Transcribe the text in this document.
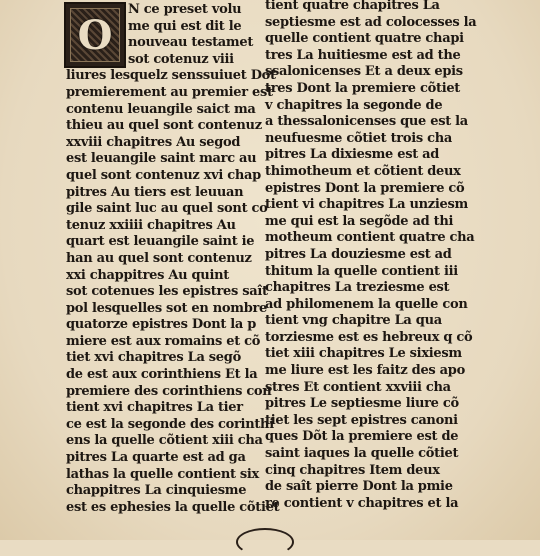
O
N ce preset volu
me qui est dit le
nouveau testamet
sot cotenuz viii
liures lesquelz senssuiuet Dot
premierement au premier est
contenu leuangile saict ma
thieu au quel sont contenuz
xxviii chapitres Au segod
est leuangile saint marc au
quel sont contenuz xvi chap
pitres Au tiers est leuuan
gile saint luc au quel sont co
tenuz xxiiii chapitres Au
quart est leuangile saint ie
han au quel sont contenuz
xxi chappitres Au quint
sot cotenues les epistres saît
pol lesquelles sot en nombre
quatorze epistres Dont la p
miere est aux romains et cõ
tiet xvi chapitres La segõ
de est aux corinthiens Et la
premiere des corinthiens con
tient xvi chapitres La tier
ce est la segonde des corinthi
ens la quelle cõtient xiii cha
pitres La quarte est ad ga
lathas la quelle contient six
chappitres La cinquiesme
est es ephesies la quelle cõtiet
tient quatre chapitres La
septiesme est ad colocesses la
quelle contient quatre chapi
tres La huitiesme est ad the
ssalonicenses Et a deux epis
tres Dont la premiere cõtiet
v chapitres la segonde de
a thessalonicenses que est la
neufuesme cõtiet trois cha
pitres La dixiesme est ad
thimotheum et cõtient deux
epistres Dont la premiere cõ
tient vi chapitres La unziesm
me qui est la segõde ad thi
motheum contient quatre cha
pitres La douziesme est ad
thitum la quelle contient iii
chapitres La treziesme est
ad philomenem la quelle con
tient vng chapitre La qua
torziesme est es hebreux q cõ
tiet xiii chapitres Le sixiesm
me liure est les faitz des apo
stres Et contient xxviii cha
pitres Le septiesme liure cõ
tiet les sept epistres canoni
ques Dõt la premiere est de
saint iaques la quelle cõtiet
cinq chapitres Item deux
de saît pierre Dont la pmie
re contient v chapitres et la
